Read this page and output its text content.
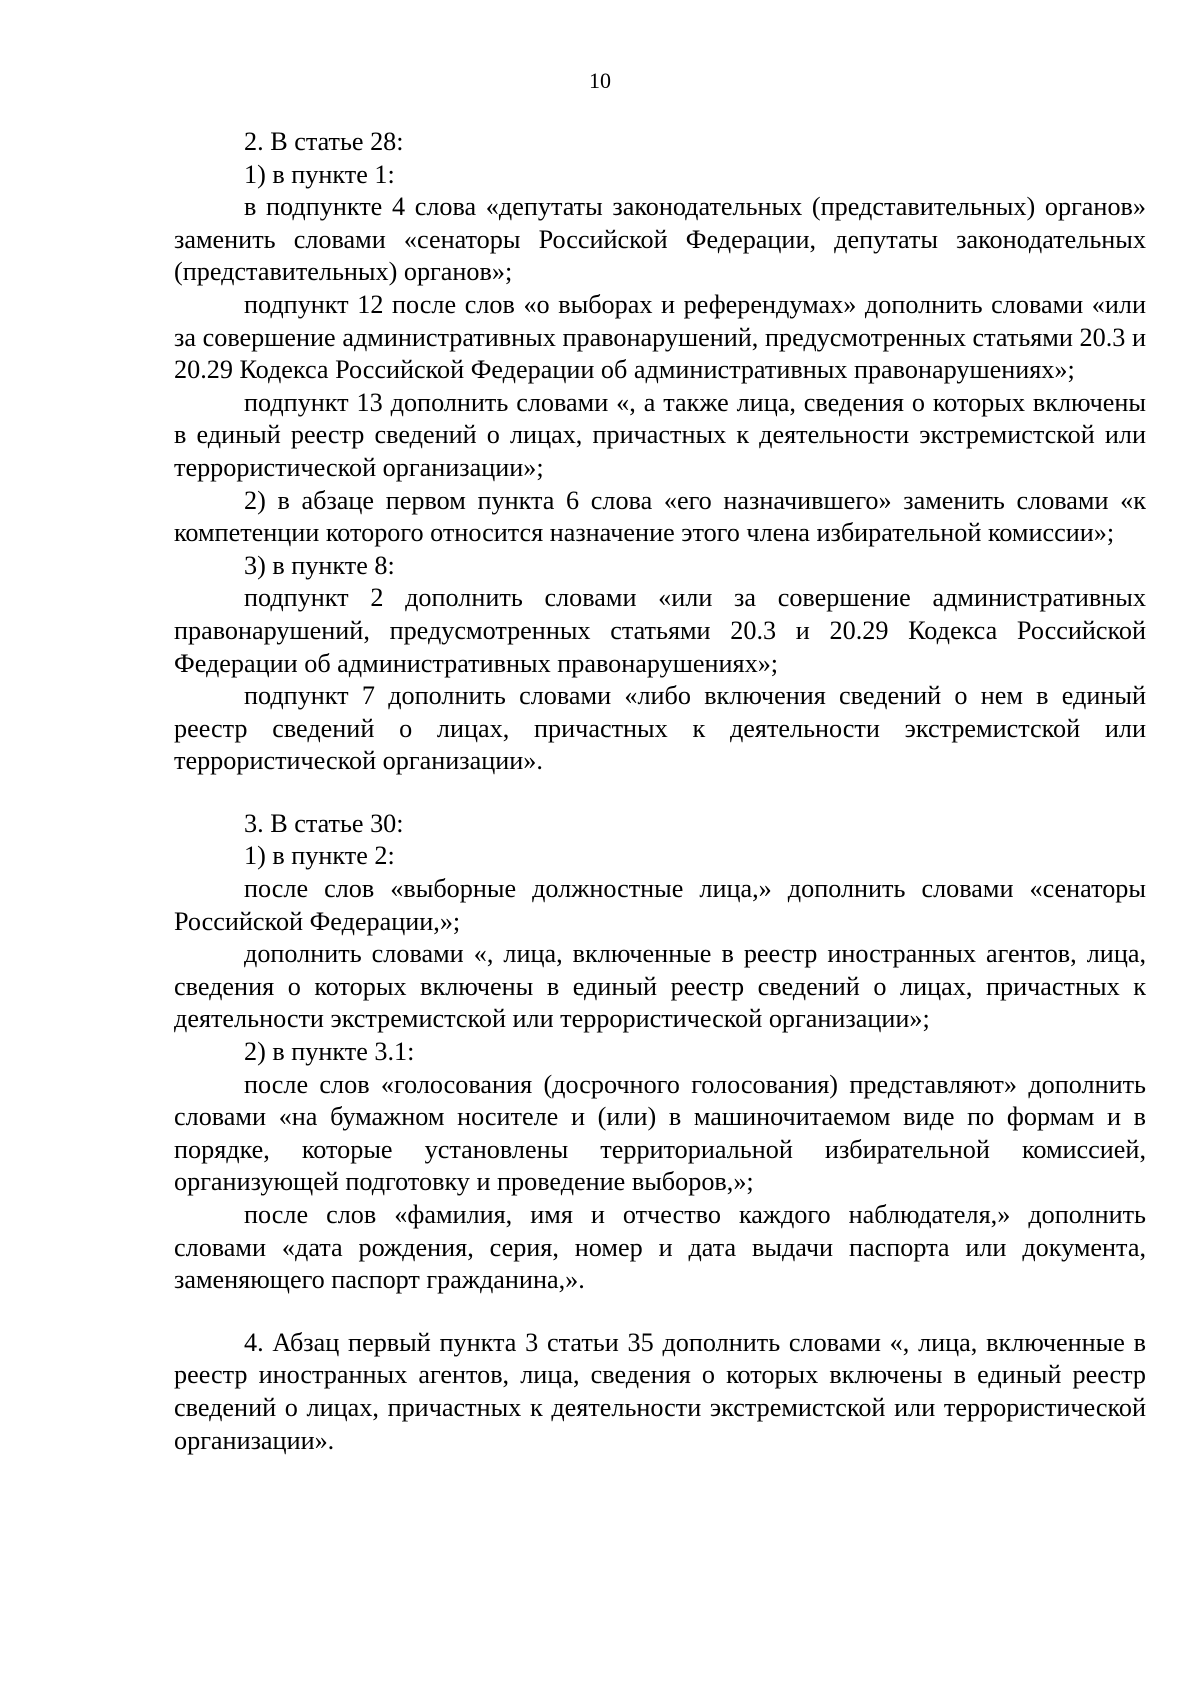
10

2. В статье 28:

1) в пункте 1:

в подпункте 4 слова «депутаты законодательных (представительных) органов» заменить словами «сенаторы Российской Федерации, депутаты законодательных (представительных) органов»;

подпункт 12 после слов «о выборах и референдумах» дополнить словами «или за совершение административных правонарушений, предусмотренных статьями 20.3 и 20.29 Кодекса Российской Федерации об административных правонарушениях»;

подпункт 13 дополнить словами «, а также лица, сведения о которых включены в единый реестр сведений о лицах, причастных к деятельности экстремистской или террористической организации»;

2) в абзаце первом пункта 6 слова «его назначившего» заменить словами «к компетенции которого относится назначение этого члена избирательной комиссии»;

3) в пункте 8:

подпункт 2 дополнить словами «или за совершение административных правонарушений, предусмотренных статьями 20.3 и 20.29 Кодекса Российской Федерации об административных правонарушениях»;

подпункт 7 дополнить словами «либо включения сведений о нем в единый реестр сведений о лицах, причастных к деятельности экстремистской или террористической организации».

3. В статье 30:

1) в пункте 2:

после слов «выборные должностные лица,» дополнить словами «сенаторы Российской Федерации,»;

дополнить словами «, лица, включенные в реестр иностранных агентов, лица, сведения о которых включены в единый реестр сведений о лицах, причастных к деятельности экстремистской или террористической организации»;

2) в пункте 3.1:

после слов «голосования (досрочного голосования) представляют» дополнить словами «на бумажном носителе и (или) в машиночитаемом виде по формам и в порядке, которые установлены территориальной избирательной комиссией, организующей подготовку и проведение выборов,»;

после слов «фамилия, имя и отчество каждого наблюдателя,» дополнить словами «дата рождения, серия, номер и дата выдачи паспорта или документа, заменяющего паспорт гражданина,».

4. Абзац первый пункта 3 статьи 35 дополнить словами «, лица, включенные в реестр иностранных агентов, лица, сведения о которых включены в единый реестр сведений о лицах, причастных к деятельности экстремистской или террористической организации».
